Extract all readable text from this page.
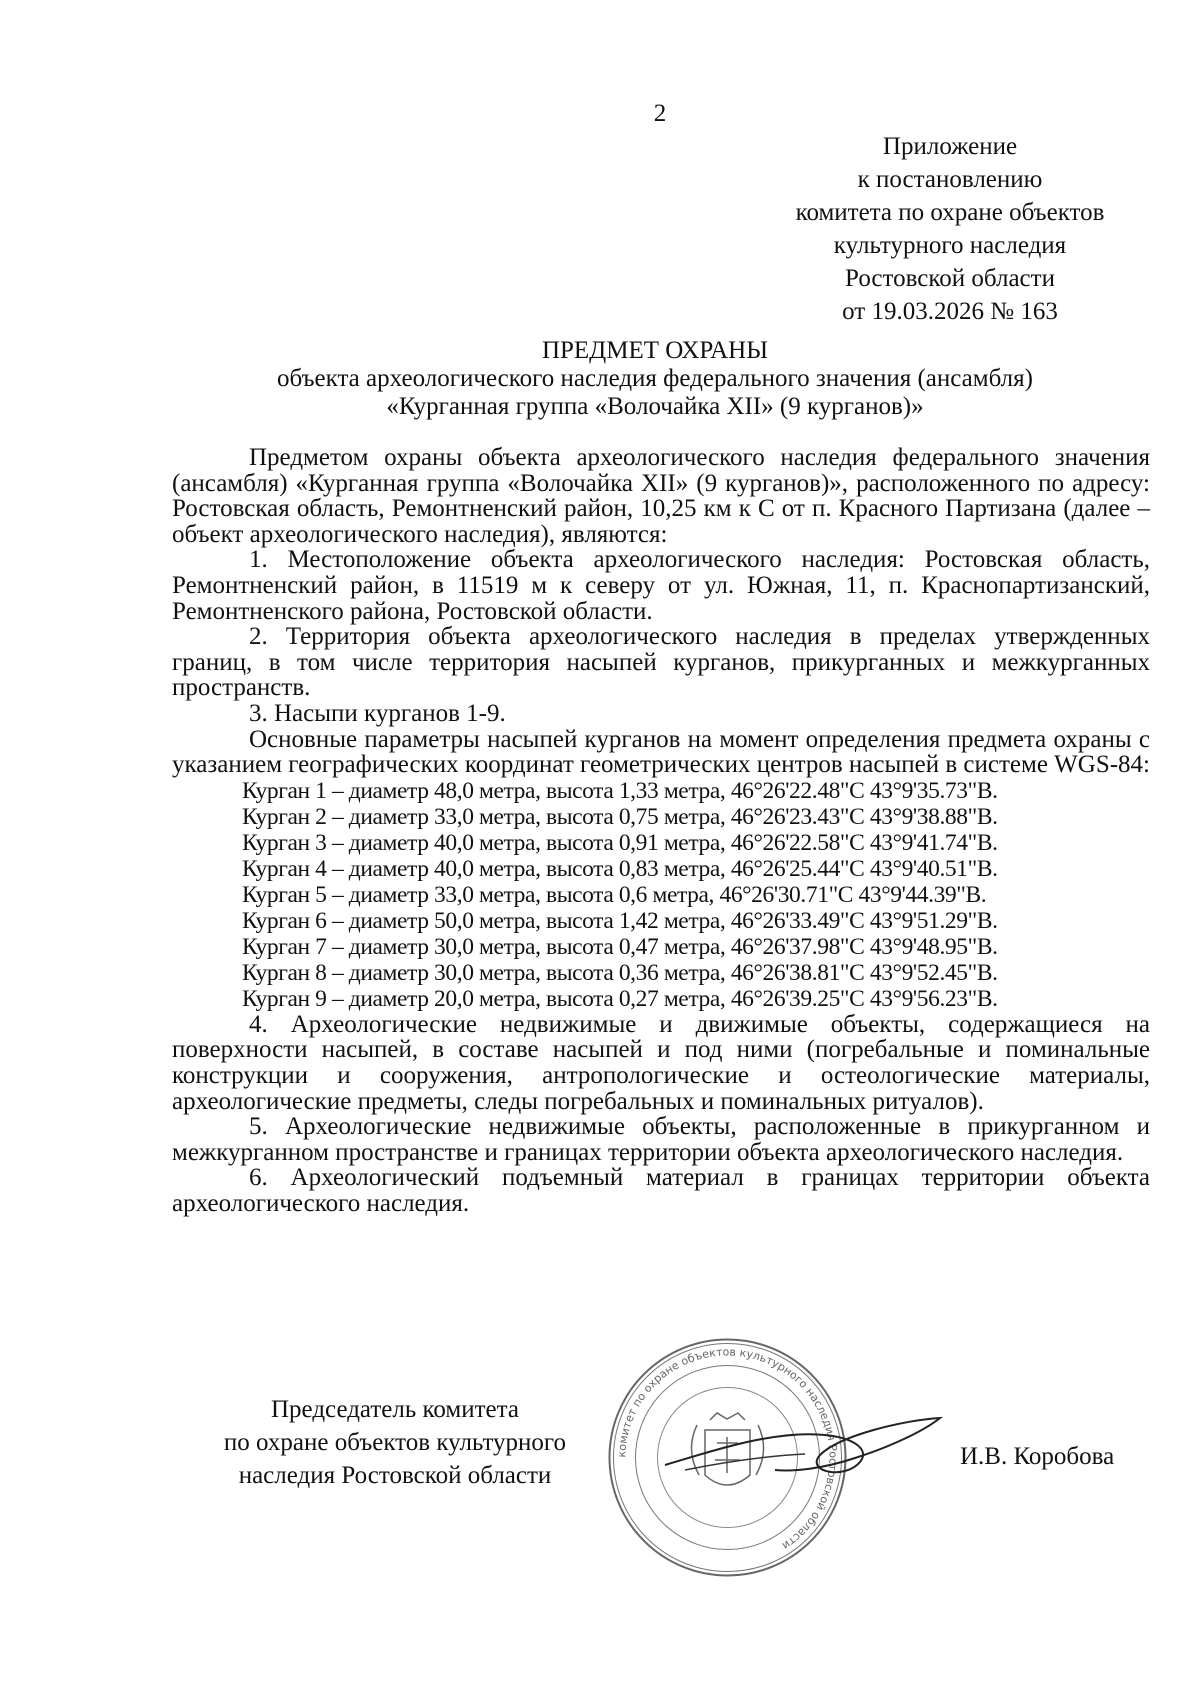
2
Приложение
к постановлению
комитета по охране объектов
культурного наследия
Ростовской области
от 19.03.2026 № 163
ПРЕДМЕТ ОХРАНЫ
объекта археологического наследия федерального значения (ансамбля)
«Курганная группа «Волочайка XII» (9 курганов)»

Предметом охраны объекта археологического наследия федерального значения (ансамбля) «Курганная группа «Волочайка XII» (9 курганов)», расположенного по адресу: Ростовская область, Ремонтненский район, 10,25 км к С от п. Красного Партизана (далее – объект археологического наследия), являются:

1. Местоположение объекта археологического наследия: Ростовская область, Ремонтненский район, в 11519 м к северу от ул. Южная, 11, п. Краснопартизанский, Ремонтненского района, Ростовской области.

2. Территория объекта археологического наследия в пределах утвержденных границ, в том числе территория насыпей курганов, прикурганных и межкурганных пространств.

3. Насыпи курганов 1-9.

Основные параметры насыпей курганов на момент определения предмета охраны с указанием географических координат геометрических центров насыпей в системе WGS-84:

Курган 1 – диаметр 48,0 метра, высота 1,33 метра, 46°26'22.48"С 43°9'35.73"В.
Курган 2 – диаметр 33,0 метра, высота 0,75 метра, 46°26'23.43"С 43°9'38.88"В.
Курган 3 – диаметр 40,0 метра, высота 0,91 метра, 46°26'22.58"С 43°9'41.74"В.
Курган 4 – диаметр 40,0 метра, высота 0,83 метра, 46°26'25.44"С 43°9'40.51"В.
Курган 5 – диаметр 33,0 метра, высота 0,6 метра, 46°26'30.71"С 43°9'44.39"В.
Курган 6 – диаметр 50,0 метра, высота 1,42 метра, 46°26'33.49"С 43°9'51.29"В.
Курган 7 – диаметр 30,0 метра, высота 0,47 метра, 46°26'37.98"С 43°9'48.95"В.
Курган 8 – диаметр 30,0 метра, высота 0,36 метра, 46°26'38.81"С 43°9'52.45"В.
Курган 9 – диаметр 20,0 метра, высота 0,27 метра, 46°26'39.25"С 43°9'56.23"В.

4. Археологические недвижимые и движимые объекты, содержащиеся на поверхности насыпей, в составе насыпей и под ними (погребальные и поминальные конструкции и сооружения, антропологические и остеологические материалы, археологические предметы, следы погребальных и поминальных ритуалов).

5. Археологические недвижимые объекты, расположенные в прикурганном и межкурганном пространстве и границах территории объекта археологического наследия.

6. Археологический подъемный материал в границах территории объекта археологического наследия.

Председатель комитета
по охране объектов культурного
наследия Ростовской области
комитет по охране объектов культурного наследия Ростовской области
И.В. Коробова
